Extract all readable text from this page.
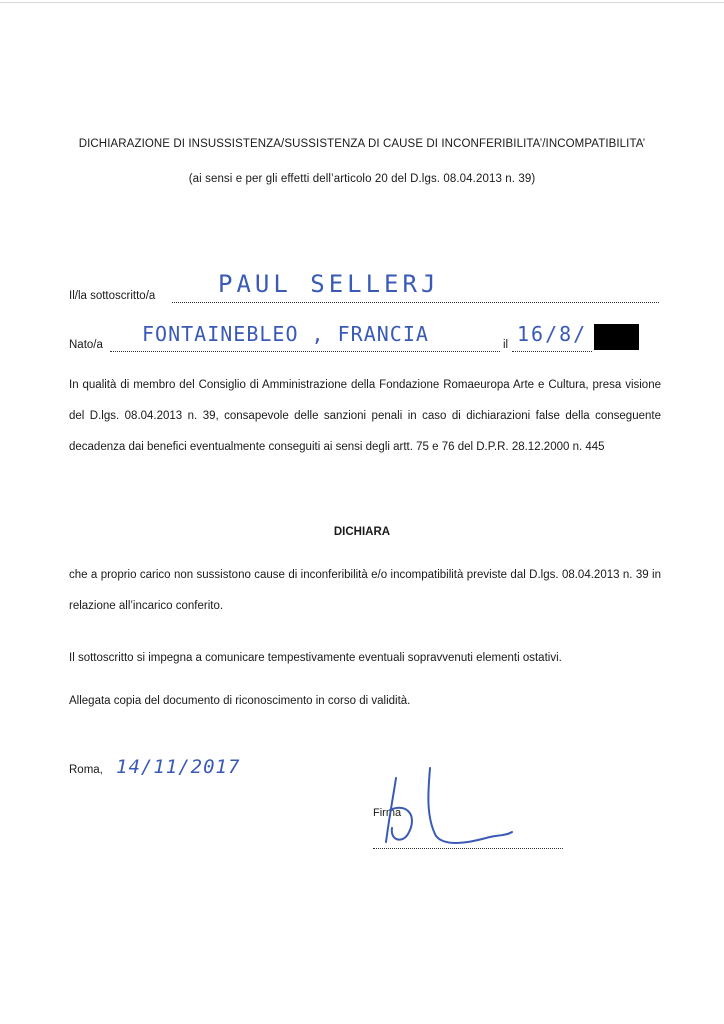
DICHIARAZIONE DI INSUSSISTENZA/SUSSISTENZA DI CAUSE DI INCONFERIBILITA’/INCOMPATIBILITA’
(ai sensi e per gli effetti dell’articolo 20 del D.lgs. 08.04.2013 n. 39)
Il/la sottoscritto/a	PAUL SELLERJ
Nato/a FONTAINEBLEO , FRANCIA	il 16/8/
In qualità di membro del Consiglio di Amministrazione della Fondazione Romaeuropa Arte e Cultura, presa visione del D.lgs. 08.04.2013 n. 39, consapevole delle sanzioni penali in caso di dichiarazioni false della conseguente decadenza dai benefici eventualmente conseguiti ai sensi degli artt. 75 e 76 del D.P.R. 28.12.2000 n. 445
DICHIARA
che a proprio carico non sussistono cause di inconferibilità e/o incompatibilità previste dal D.lgs. 08.04.2013 n. 39 in relazione all’incarico conferito.
Il sottoscritto si impegna a comunicare tempestivamente eventuali sopravvenuti elementi ostativi.
Allegata copia del documento di riconoscimento in corso di validità.
Roma, 14/11/2017
Firma
